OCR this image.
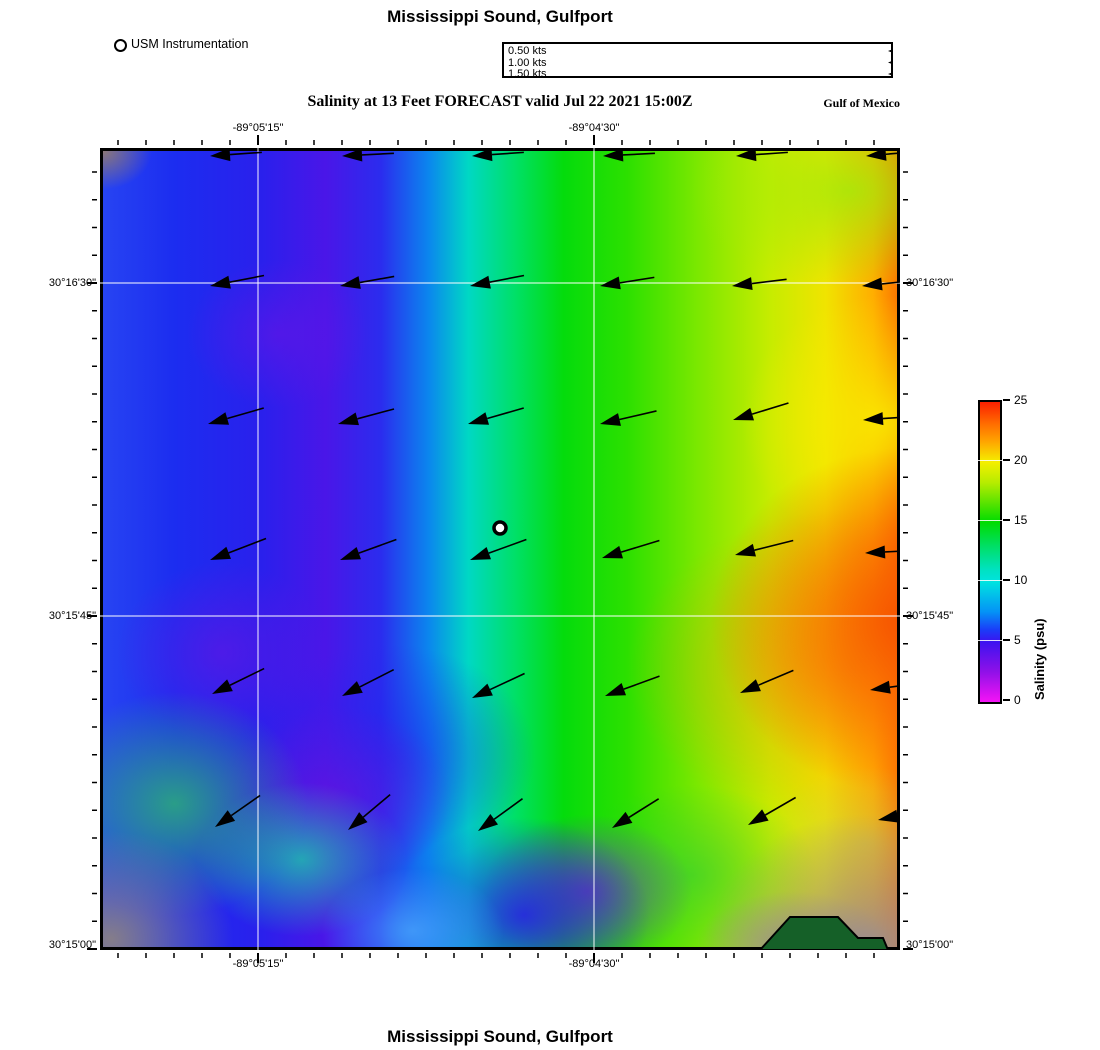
Mississippi Sound, Gulfport
USM Instrumentation	0.50 kts
1.00 kts
1.50 kts
Salinity at 13 Feet FORECAST valid Jul 22 2021 15:00Z	Gulf of Mexico
-89°05'15"	-89°04'30"
-89°05'15"	-89°04'30"
30°16'30"	30°16'30"
30°15'45"	30°15'45"
30°15'00"	30°15'00"
25
20
15
10
5
0 Salinity (psu)
Mississippi Sound, Gulfport
